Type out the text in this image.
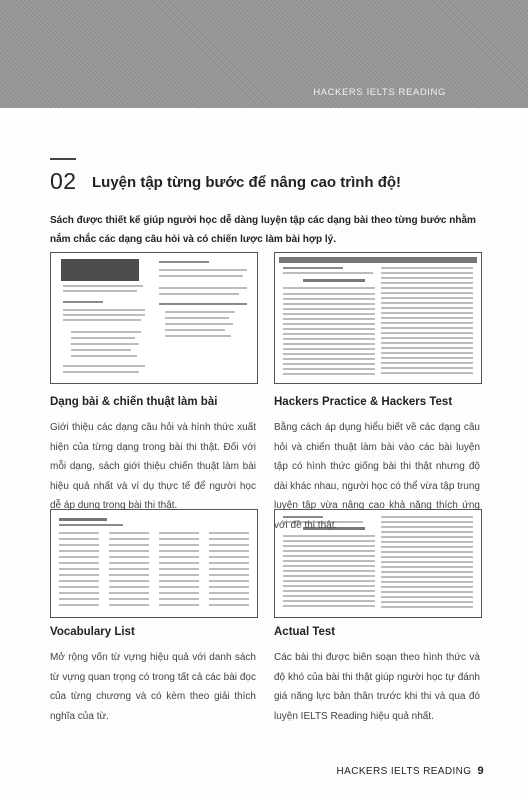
HACKERS IELTS READING
02 Luyện tập từng bước để nâng cao trình độ!
Sách được thiết kế giúp người học dễ dàng luyện tập các dạng bài theo từng bước nhằm nắm chắc các dạng câu hỏi và có chiến lược làm bài hợp lý.
Dạng bài & chiến thuật làm bài
Giới thiệu các dạng câu hỏi và hình thức xuất hiện của từng dạng trong bài thi thật. Đối với mỗi dạng, sách giới thiệu chiến thuật làm bài hiệu quả nhất và ví dụ thực tế để người học dễ áp dụng trong bài thi thật.
Hackers Practice & Hackers Test
Bằng cách áp dụng hiểu biết về các dạng câu hỏi và chiến thuật làm bài vào các bài luyện tập có hình thức giống bài thi thật nhưng độ dài khác nhau, người học có thể vừa tập trung luyện tập vừa nâng cao khả năng thích ứng với đề thi thật.
Vocabulary List
Mở rộng vốn từ vựng hiệu quả với danh sách từ vựng quan trọng có trong tất cả các bài đọc của từng chương và có kèm theo giải thích nghĩa của từ.
Actual Test
Các bài thi được biên soạn theo hình thức và độ khó của bài thi thật giúp người học tự đánh giá năng lực bản thân trước khi thi và qua đó luyện IELTS Reading hiệu quả nhất.
HACKERS IELTS READING 9
